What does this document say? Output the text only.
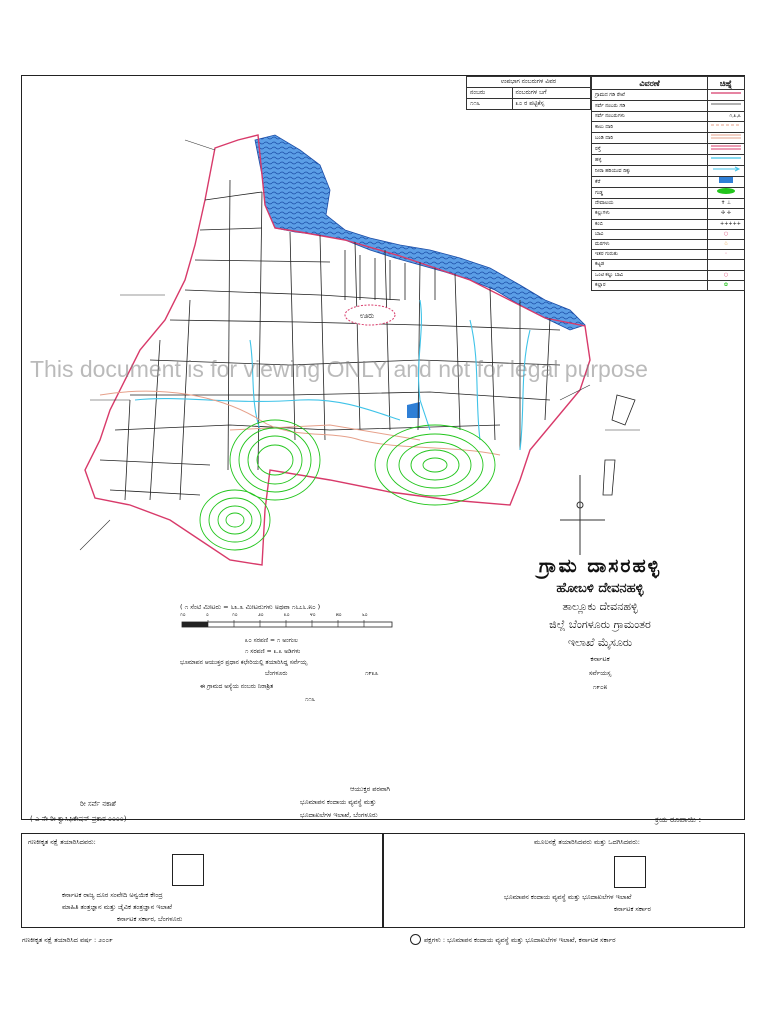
ಊರು
This document is for viewing ONLY and not for legal purpose
ಉಪಭಾಗ ನಂಬರುಗಳ ವಿವರ	
ನಂಬರು	ನಂಬರುಗಳ ಬಗೆ
೧೧೬	೩೦ ರ ಪಟ್ಟಿಕೆಸ್ಸ
ವಿವರಣೆ	ಚಿಹ್ನೆ
ಗ್ರಾಮದ ಗಡಿ ರೇಖೆ	
ಸರ್ವೆ ನಂಬರು ಗಡಿ	
ಸರ್ವೆ ನಂಬರುಗಳು	೧,೩,೩
ಕಾಲು ದಾರಿ	
ಬಂಡಿ ದಾರಿ	
ರಸ್ತೆ	
ಹಳ್ಳ	
ನೀರಾ ಹರಿಯುವ ದಿಕ್ಕು	
ಕೆರೆ	
ಗುಡ್ಡ	
ದೇವಾಲಯ	✝ ⊥
ಕಲ್ಲುಗಳು	✢ ✛
ಕಂಬಿ	+++++
ಬಾವಿ	○
ಮರಗಳು	♧
ಇತರ ಗುರುತು	◦
ಕಟ್ಟಡ	
ಒಂಟಿ ಕಲ್ಲು ಬಾವಿ	○
ಕಲ್ಲಾರ	✿
ಗ್ರಾಮ ದಾಸರಹಳ್ಳಿ
ಹೋಬಳಿ ದೇವನಹಳ್ಳಿ
ತಾಲ್ಲೂಕು ದೇವನಹಳ್ಳಿ
ಜಿಲ್ಲೆ ಬೆಂಗಳೂರು ಗ್ರಾಮಂತರ
ಇಲಾಖೆ ಮೈಸೂರು
ಕರ್ನಾಟಕ
ಸರ್ವೆಯಸ್ಸ
೧೯೦೫
( ೧ ಸೆಂಟಿ ಮೀಟರು = ೬೩.೩ ಮೀಟರುಗಳು ಅಥವಾ ೧೬೭೬.೫೦ )
೧೦	೦	೧೦	೨೦	೩೦	೪೦	೫೦	೬೦
೩೦ ಸರಪಣಿ = ೧ ಅಂಗುಲ
೧ ಸರಪಣಿ = ೩.೩ ಅಡಿಗಳು
ಭೂಮಾಪನ ಆಯುಕ್ತರ ಪ್ರಧಾನ ಕಛೇರಿಯಲ್ಲಿ ತಯಾರಿಸಿದ್ದ ಸರ್ವೆಯ್ಸ
ಬೆಂಗಳೂರು	೧೯೩೩
ಈ ಗ್ರಾಮದ ಅಸ್ಯೆಯ ನಂಬರು ನಿರಾಶ್ರಿತ
೧೧೬
ರೀ ಸರ್ವೆ ನಕಾಶೆ
( ಎ ನೇ ರೀ ಕ್ವಾಸಿಫಿಕೇಷನ್ ಪ್ರಕಾರ ೦೦೦೦)
ಆಯುಕ್ತರ ಪರವಾಗಿ
ಭೂಮಾಪನ ಕಂದಾಯ ವ್ಯವಸ್ಥೆ ಮತ್ತು
ಭೂದಾಖಲೆಗಳ ಇಲಾಖೆ, ಬೆಂಗಳೂರು	ಕ್ರಯ ರೂಪಾಯಿ :
ಗಣಕೀಕೃತ ನಕ್ಷೆ ತಯಾರಿಸಿದವರು:
ಕರ್ನಾಟಕ ರಾಜ್ಯ ದೂರ ಸಂವೇದಿ ಅನ್ವಯಿಕ ಕೇಂದ್ರ
ಮಾಹಿತಿ ತಂತ್ರಜ್ಞಾನ ಮತ್ತು ಜೈವಿಕ ತಂತ್ರಜ್ಞಾನ ಇಲಾಖೆ
ಕರ್ನಾಟಕ ಸರ್ಕಾರ, ಬೆಂಗಳೂರು
ಮೂಲನಕ್ಷೆ ತಯಾರಿಸಿದವರು ಮತ್ತು ಒದಗಿಸಿದವರು:
ಭೂಮಾಪನ ಕಂದಾಯ ವ್ಯವಸ್ಥೆ ಮತ್ತು ಭೂದಾಖಲೆಗಳ ಇಲಾಖೆ
ಕರ್ನಾಟಕ ಸರ್ಕಾರ
ಗಣಕೀಕೃತ ನಕ್ಷೆ ತಯಾರಿಸಿದ ವರ್ಷ : ೨೦೦೯	ಪಕ್ಷಗಳು : ಭೂಮಾಪನ ಕಂದಾಯ ವ್ಯವಸ್ಥೆ ಮತ್ತು ಭೂದಾಖಲೆಗಳ ಇಲಾಖೆ, ಕರ್ನಾಟಕ ಸರ್ಕಾರ
